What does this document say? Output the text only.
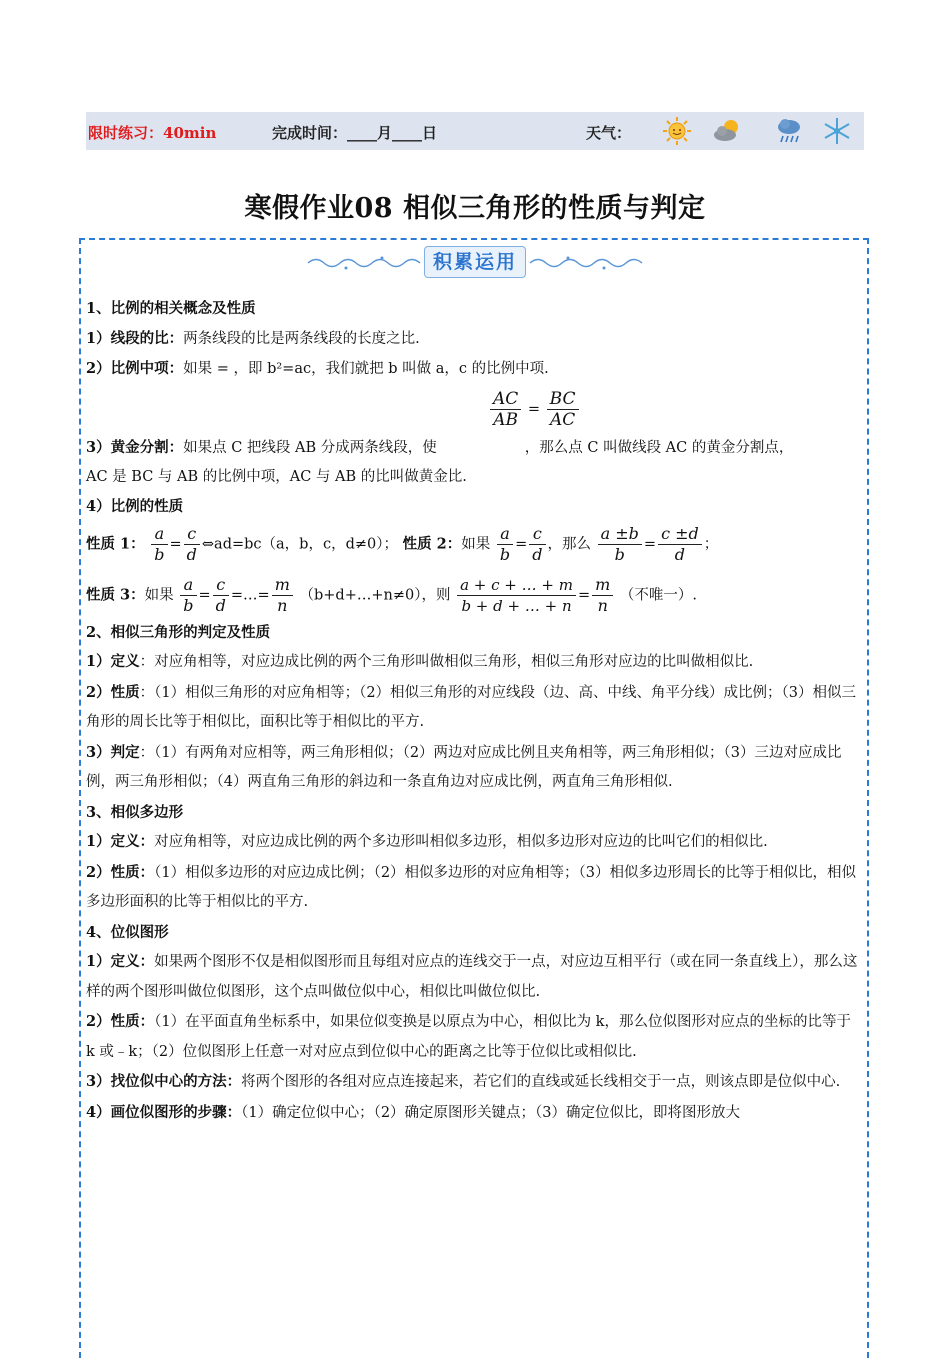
限时练习：40min	完成时间：____月____日	天气：
寒假作业08 相似三角形的性质与判定
积累运用

1、比例的相关概念及性质

1）线段的比：两条线段的比是两条线段的长度之比.

2）比例中项：如果 = ，即 b²=ac，我们就把 b 叫做 a，c 的比例中项.

$\frac{AC}{AB} = \frac{BC}{AC}$
3）黄金分割：如果点 C 把线段 AB 分成两条线段，使	，那么点 C 叫做线段 AC 的黄金分割点，

AC 是 BC 与 AB 的比例中项，AC 与 AB 的比叫做黄金比.

4）比例的性质

性质 1： $\frac{a}{b} = \frac{c}{d}$ ⇔ad=bc（a，b，c，d≠0）； 性质 2：如果 $\frac{a}{b} = \frac{c}{d}$ ，那么 $\frac{a \pm b}{b} = \frac{c \pm d}{d}$ ；

性质 3：如果 $\frac{a}{b} = \frac{c}{d}$ =…= $\frac{m}{n}$ （b+d+…+n≠0），则 $\frac{a + c + \dots + m}{b + d + \dots + n} = \frac{m}{n}$ （不唯一）.

2、相似三角形的判定及性质

1）定义：对应角相等，对应边成比例的两个三角形叫做相似三角形，相似三角形对应边的比叫做相似比.

2）性质：（1）相似三角形的对应角相等；（2）相似三角形的对应线段（边、高、中线、角平分线）成比例；（3）相似三角形的周长比等于相似比，面积比等于相似比的平方.

3）判定：（1）有两角对应相等，两三角形相似；（2）两边对应成比例且夹角相等，两三角形相似；（3）三边对应成比例，两三角形相似；（4）两直角三角形的斜边和一条直角边对应成比例，两直角三角形相似.

3、相似多边形

1）定义：对应角相等，对应边成比例的两个多边形叫相似多边形，相似多边形对应边的比叫它们的相似比.

2）性质：（1）相似多边形的对应边成比例；（2）相似多边形的对应角相等；（3）相似多边形周长的比等于相似比，相似多边形面积的比等于相似比的平方.

4、位似图形

1）定义：如果两个图形不仅是相似图形而且每组对应点的连线交于一点，对应边互相平行（或在同一条直线上），那么这样的两个图形叫做位似图形，这个点叫做位似中心，相似比叫做位似比.

2）性质：（1）在平面直角坐标系中，如果位似变换是以原点为中心，相似比为 k，那么位似图形对应点的坐标的比等于 k 或﹣k；（2）位似图形上任意一对对应点到位似中心的距离之比等于位似比或相似比.

3）找位似中心的方法：将两个图形的各组对应点连接起来，若它们的直线或延长线相交于一点，则该点即是位似中心.

4）画位似图形的步骤：（1）确定位似中心；（2）确定原图形关键点；（3）确定位似比，即将图形放大
